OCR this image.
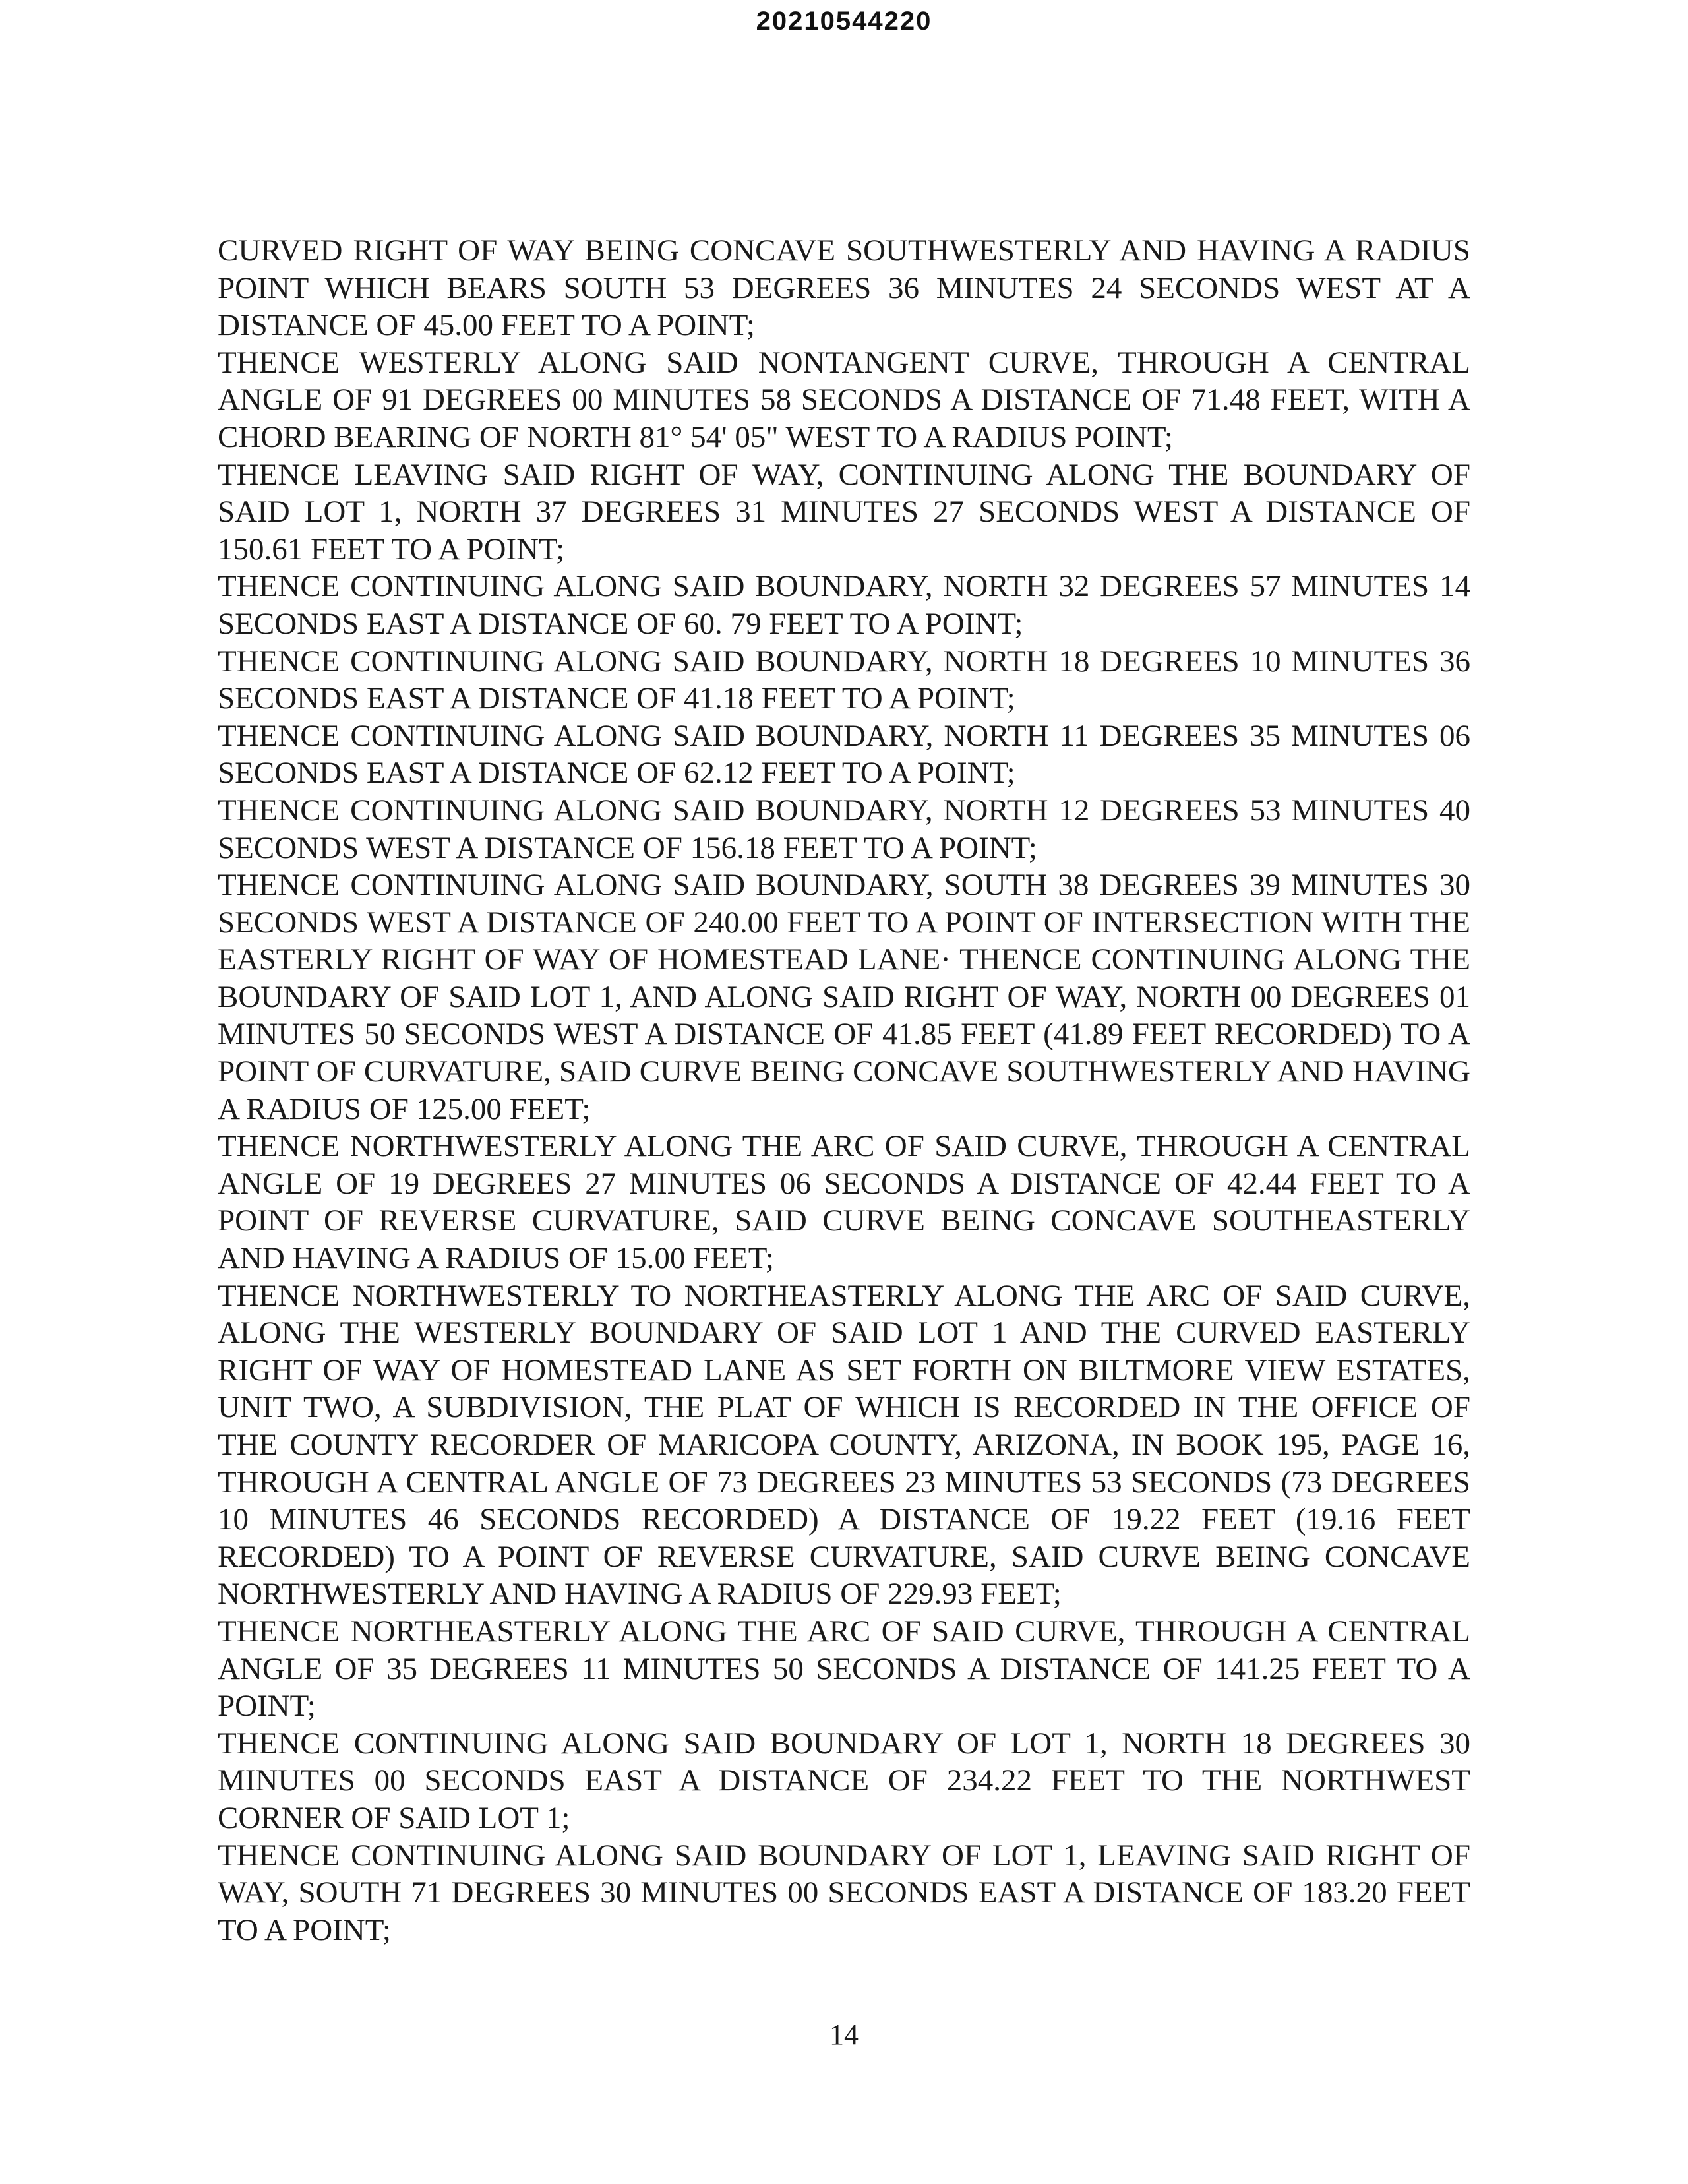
20210544220

CURVED RIGHT OF WAY BEING CONCAVE SOUTHWESTERLY AND HAVING A RADIUS POINT WHICH BEARS SOUTH 53 DEGREES 36 MINUTES 24 SECONDS WEST AT A DISTANCE OF 45.00 FEET TO A POINT;

THENCE WESTERLY ALONG SAID NONTANGENT CURVE, THROUGH A CENTRAL ANGLE OF 91 DEGREES 00 MINUTES 58 SECONDS A DISTANCE OF 71.48 FEET, WITH A CHORD BEARING OF NORTH 81° 54' 05" WEST TO A RADIUS POINT;

THENCE LEAVING SAID RIGHT OF WAY, CONTINUING ALONG THE BOUNDARY OF SAID LOT 1, NORTH 37 DEGREES 31 MINUTES 27 SECONDS WEST A DISTANCE OF 150.61 FEET TO A POINT;

THENCE CONTINUING ALONG SAID BOUNDARY, NORTH 32 DEGREES 57 MINUTES 14 SECONDS EAST A DISTANCE OF 60. 79 FEET TO A POINT;

THENCE CONTINUING ALONG SAID BOUNDARY, NORTH 18 DEGREES 10 MINUTES 36 SECONDS EAST A DISTANCE OF 41.18 FEET TO A POINT;

THENCE CONTINUING ALONG SAID BOUNDARY, NORTH 11 DEGREES 35 MINUTES 06 SECONDS EAST A DISTANCE OF 62.12 FEET TO A POINT;

THENCE CONTINUING ALONG SAID BOUNDARY, NORTH 12 DEGREES 53 MINUTES 40 SECONDS WEST A DISTANCE OF 156.18 FEET TO A POINT;

THENCE CONTINUING ALONG SAID BOUNDARY, SOUTH 38 DEGREES 39 MINUTES 30 SECONDS WEST A DISTANCE OF 240.00 FEET TO A POINT OF INTERSECTION WITH THE EASTERLY RIGHT OF WAY OF HOMESTEAD LANE· THENCE CONTINUING ALONG THE BOUNDARY OF SAID LOT 1, AND ALONG SAID RIGHT OF WAY, NORTH 00 DEGREES 01 MINUTES 50 SECONDS WEST A DISTANCE OF 41.85 FEET (41.89 FEET RECORDED) TO A POINT OF CURVATURE, SAID CURVE BEING CONCAVE SOUTHWESTERLY AND HAVING A RADIUS OF 125.00 FEET;

THENCE NORTHWESTERLY ALONG THE ARC OF SAID CURVE, THROUGH A CENTRAL ANGLE OF 19 DEGREES 27 MINUTES 06 SECONDS A DISTANCE OF 42.44 FEET TO A POINT OF REVERSE CURVATURE, SAID CURVE BEING CONCAVE SOUTHEASTERLY AND HAVING A RADIUS OF 15.00 FEET;

THENCE NORTHWESTERLY TO NORTHEASTERLY ALONG THE ARC OF SAID CURVE, ALONG THE WESTERLY BOUNDARY OF SAID LOT 1 AND THE CURVED EASTERLY RIGHT OF WAY OF HOMESTEAD LANE AS SET FORTH ON BILTMORE VIEW ESTATES, UNIT TWO, A SUBDIVISION, THE PLAT OF WHICH IS RECORDED IN THE OFFICE OF THE COUNTY RECORDER OF MARICOPA COUNTY, ARIZONA, IN BOOK 195, PAGE 16, THROUGH A CENTRAL ANGLE OF 73 DEGREES 23 MINUTES 53 SECONDS (73 DEGREES 10 MINUTES 46 SECONDS RECORDED) A DISTANCE OF 19.22 FEET (19.16 FEET RECORDED) TO A POINT OF REVERSE CURVATURE, SAID CURVE BEING CONCAVE NORTHWESTERLY AND HAVING A RADIUS OF 229.93 FEET;

THENCE NORTHEASTERLY ALONG THE ARC OF SAID CURVE, THROUGH A CENTRAL ANGLE OF 35 DEGREES 11 MINUTES 50 SECONDS A DISTANCE OF 141.25 FEET TO A POINT;

THENCE CONTINUING ALONG SAID BOUNDARY OF LOT 1, NORTH 18 DEGREES 30 MINUTES 00 SECONDS EAST A DISTANCE OF 234.22 FEET TO THE NORTHWEST CORNER OF SAID LOT 1;

THENCE CONTINUING ALONG SAID BOUNDARY OF LOT 1, LEAVING SAID RIGHT OF WAY, SOUTH 71 DEGREES 30 MINUTES 00 SECONDS EAST A DISTANCE OF 183.20 FEET TO A POINT;

14
